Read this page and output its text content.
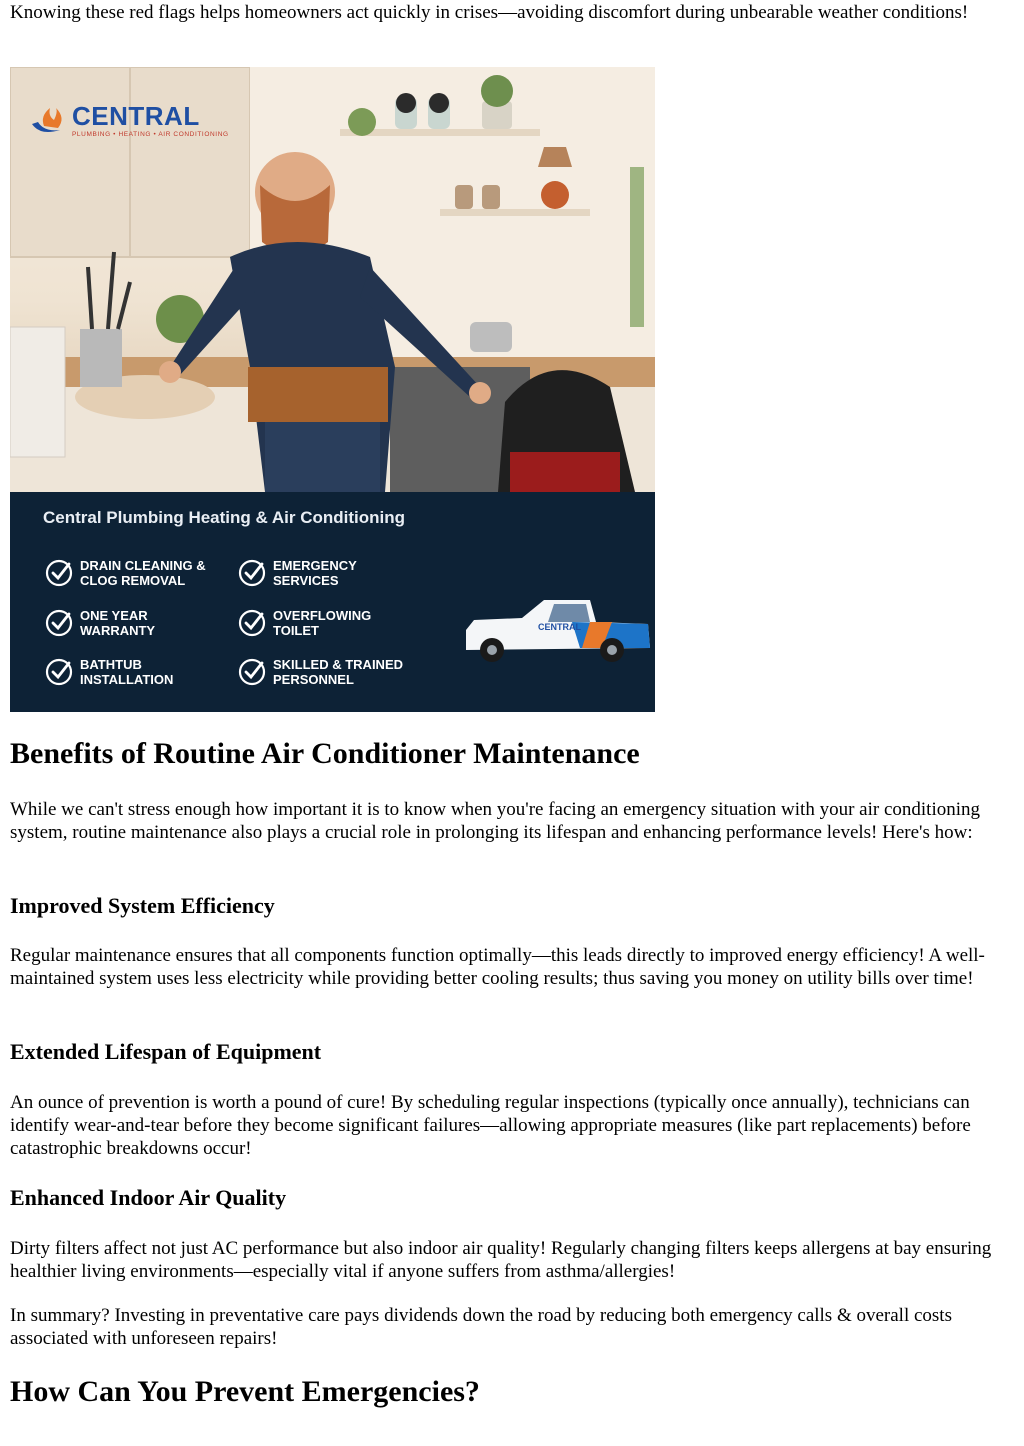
Knowing these red flags helps homeowners act quickly in crises—avoiding discomfort during unbearable weather conditions!

CENTRAL
PLUMBING • HEATING • AIR CONDITIONING
Central Plumbing Heating & Air Conditioning
DRAIN CLEANING & CLOG REMOVAL
ONE YEAR WARRANTY
BATHTUB INSTALLATION
EMERGENCY SERVICES
OVERFLOWING TOILET
SKILLED & TRAINED PERSONNEL
CENTRAL
Benefits of Routine Air Conditioner Maintenance

While we can't stress enough how important it is to know when you're facing an emergency situation with your air conditioning system, routine maintenance also plays a crucial role in prolonging its lifespan and enhancing performance levels! Here's how:

Improved System Efficiency

Regular maintenance ensures that all components function optimally—this leads directly to improved energy efficiency! A well-maintained system uses less electricity while providing better cooling results; thus saving you money on utility bills over time!

Extended Lifespan of Equipment

An ounce of prevention is worth a pound of cure! By scheduling regular inspections (typically once annually), technicians can identify wear-and-tear before they become significant failures—allowing appropriate measures (like part replacements) before catastrophic breakdowns occur!

Enhanced Indoor Air Quality

Dirty filters affect not just AC performance but also indoor air quality! Regularly changing filters keeps allergens at bay ensuring healthier living environments—especially vital if anyone suffers from asthma/allergies!

In summary? Investing in preventative care pays dividends down the road by reducing both emergency calls & overall costs associated with unforeseen repairs!

How Can You Prevent Emergencies?
